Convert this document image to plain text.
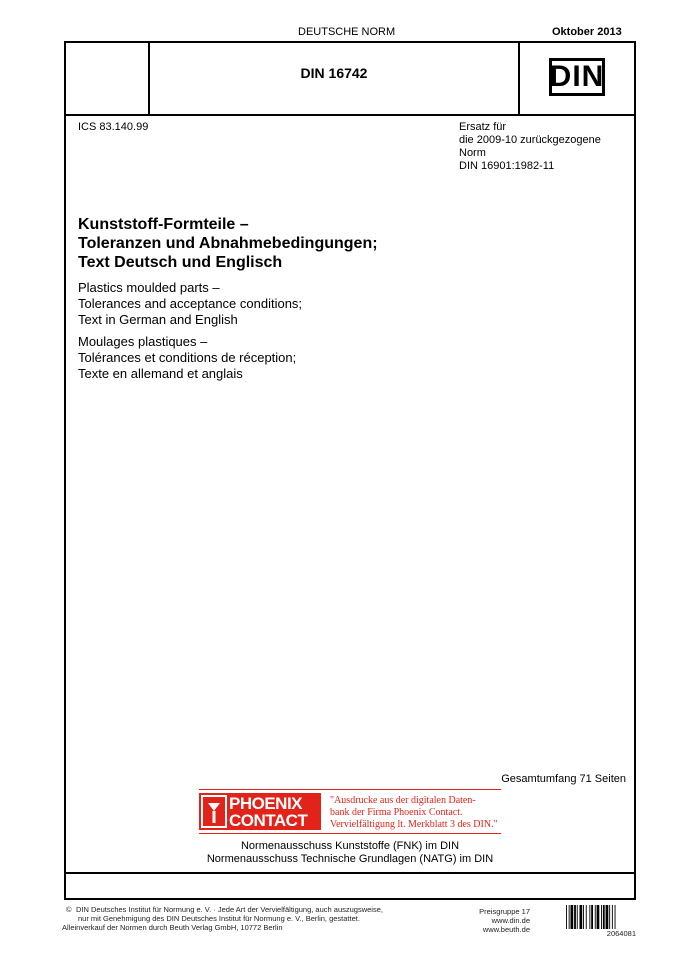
DEUTSCHE NORM	Oktober 2013
DIN 16742	DIN
ICS 83.140.99	Ersatz für
die 2009-10 zurückgezogene
Norm
DIN 16901:1982-11
Kunststoff-Formteile –
Toleranzen und Abnahmebedingungen;
Text Deutsch und Englisch
Plastics moulded parts –
Tolerances and acceptance conditions;
Text in German and English
Moulages plastiques –
Tolérances et conditions de réception;
Texte en allemand et anglais
Gesamtumfang 71 Seiten
PHOENIX
CONTACT
"Ausdrucke aus der digitalen Daten-
bank der Firma Phoenix Contact.
Vervielfältigung lt. Merkblatt 3 des DIN."
Normenausschuss Kunststoffe (FNK) im DIN
Normenausschuss Technische Grundlagen (NATG) im DIN
© DIN Deutsches Institut für Normung e. V. · Jede Art der Vervielfältigung, auch auszugsweise,
nur mit Genehmigung des DIN Deutsches Institut für Normung e. V., Berlin, gestattet.
Alleinverkauf der Normen durch Beuth Verlag GmbH, 10772 Berlin
Preisgruppe 17
www.din.de
www.beuth.de	2064081
